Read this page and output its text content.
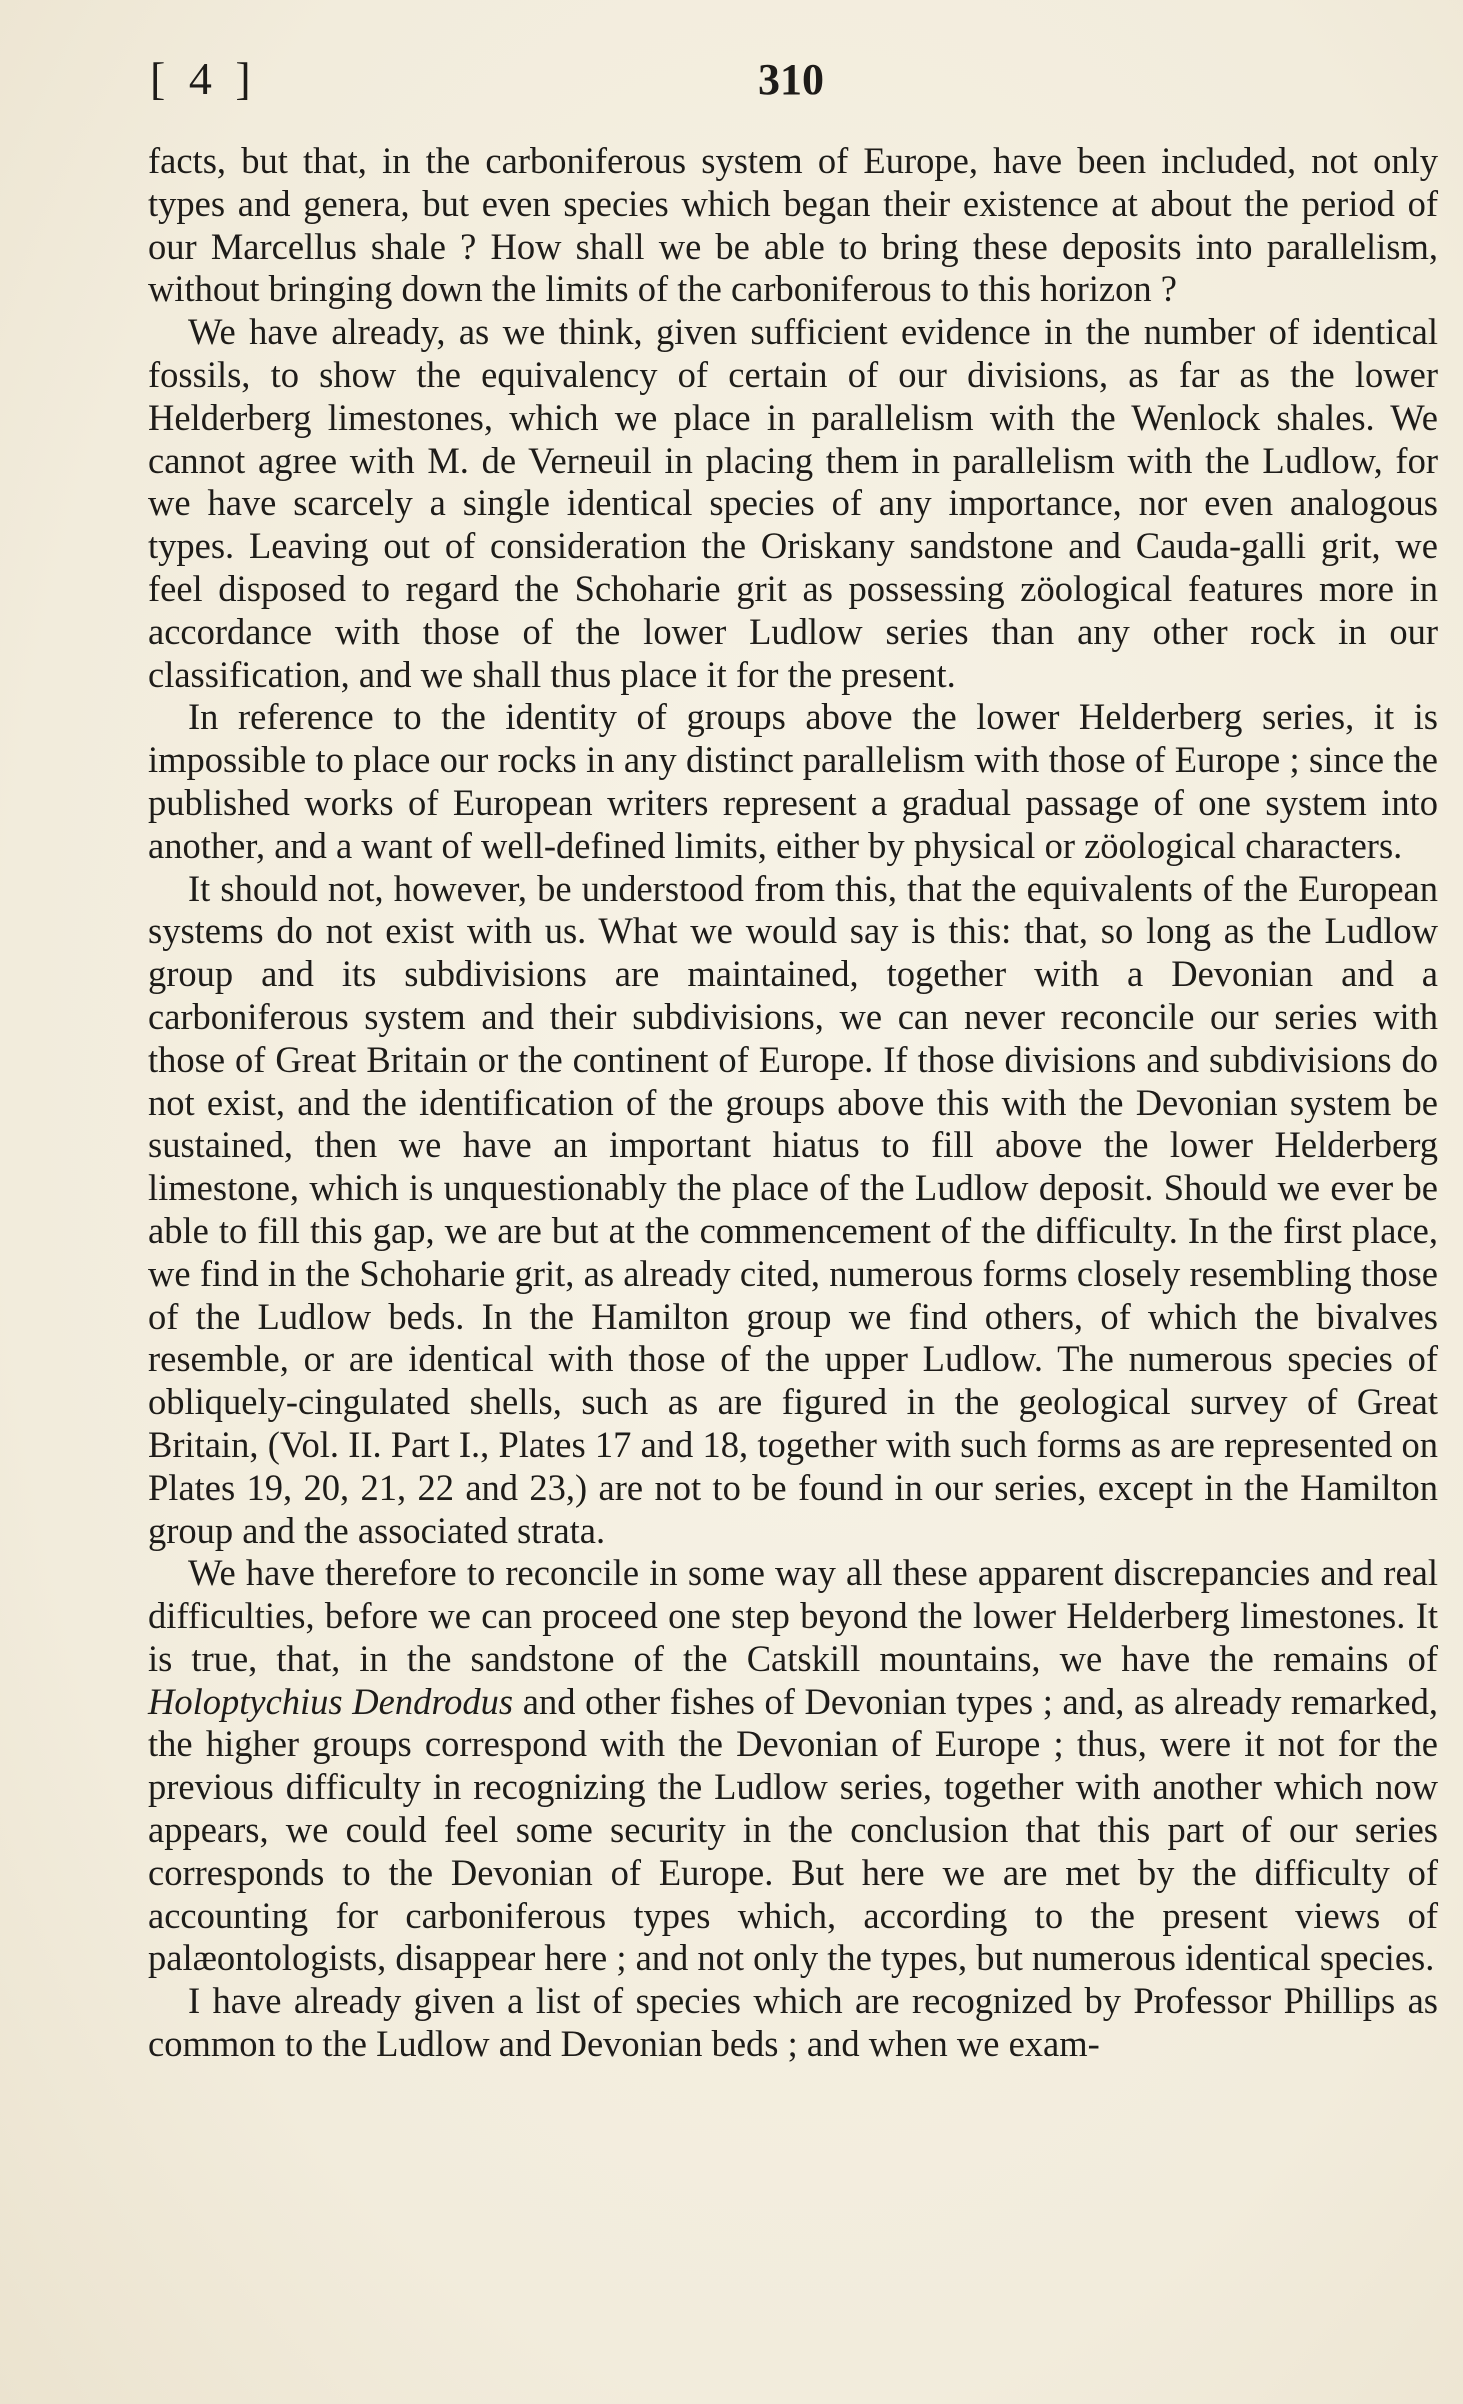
[ 4 ]	310

facts, but that, in the carboniferous system of Europe, have been included, not only types and genera, but even species which began their existence at about the period of our Marcellus shale ? How shall we be able to bring these deposits into parallelism, without bringing down the limits of the carboniferous to this horizon ?

We have already, as we think, given sufficient evidence in the number of identical fossils, to show the equivalency of certain of our divisions, as far as the lower Helderberg limestones, which we place in parallelism with the Wenlock shales. We cannot agree with M. de Verneuil in placing them in parallelism with the Ludlow, for we have scarcely a single identical species of any importance, nor even analogous types. Leaving out of consideration the Oriskany sandstone and Cauda-galli grit, we feel disposed to regard the Schoharie grit as possessing zöological features more in accordance with those of the lower Ludlow series than any other rock in our classification, and we shall thus place it for the present.

In reference to the identity of groups above the lower Helderberg series, it is impossible to place our rocks in any distinct parallelism with those of Europe ; since the published works of European writers represent a gradual passage of one system into another, and a want of well-defined limits, either by physical or zöological characters.

It should not, however, be understood from this, that the equivalents of the European systems do not exist with us. What we would say is this: that, so long as the Ludlow group and its subdivisions are maintained, together with a Devonian and a carboniferous system and their subdivisions, we can never reconcile our series with those of Great Britain or the continent of Europe. If those divisions and subdivisions do not exist, and the identification of the groups above this with the Devonian system be sustained, then we have an important hiatus to fill above the lower Helderberg limestone, which is unquestionably the place of the Ludlow deposit. Should we ever be able to fill this gap, we are but at the commencement of the difficulty. In the first place, we find in the Schoharie grit, as already cited, numerous forms closely resembling those of the Ludlow beds. In the Hamilton group we find others, of which the bivalves resemble, or are identical with those of the upper Ludlow. The numerous species of obliquely-cingulated shells, such as are figured in the geological survey of Great Britain, (Vol. II. Part I., Plates 17 and 18, together with such forms as are represented on Plates 19, 20, 21, 22 and 23,) are not to be found in our series, except in the Hamilton group and the associated strata.

We have therefore to reconcile in some way all these apparent discrepancies and real difficulties, before we can proceed one step beyond the lower Helderberg limestones. It is true, that, in the sandstone of the Catskill mountains, we have the remains of Holoptychius Dendrodus and other fishes of Devonian types ; and, as already remarked, the higher groups correspond with the Devonian of Europe ; thus, were it not for the previous difficulty in recognizing the Ludlow series, together with another which now appears, we could feel some security in the conclusion that this part of our series corresponds to the Devonian of Europe. But here we are met by the difficulty of accounting for carboniferous types which, according to the present views of palæontologists, disappear here ; and not only the types, but numerous identical species.

I have already given a list of species which are recognized by Professor Phillips as common to the Ludlow and Devonian beds ; and when we exam-
